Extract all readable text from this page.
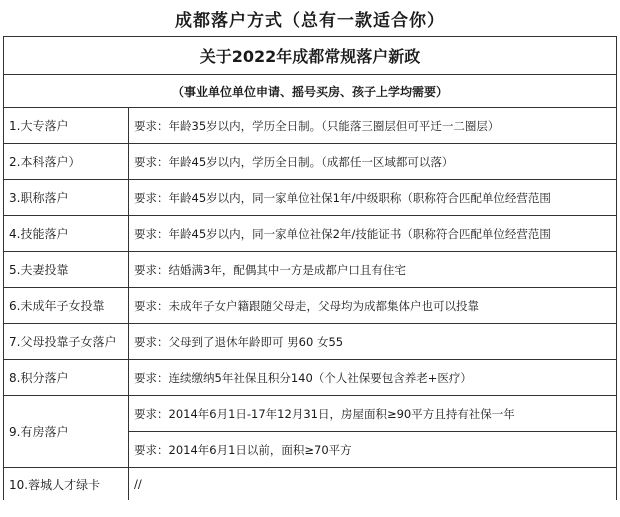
成都落户方式（总有一款适合你）	
关于2022年成都常规落户新政	
（事业单位单位申请、摇号买房、孩子上学均需要）	
1.大专落户	要求：年龄35岁以内，学历全日制。（只能落三圈层但可平迁一二圈层）
2.本科落户）	要求：年龄45岁以内，学历全日制。（成都任一区域都可以落）
3.职称落户	要求：年龄45岁以内，同一家单位社保1年/中级职称（职称符合匹配单位经营范围
4.技能落户	要求：年龄45岁以内，同一家单位社保2年/技能证书（职称符合匹配单位经营范围
5.夫妻投靠	要求：结婚满3年，配偶其中一方是成都户口且有住宅
6.未成年子女投靠	要求：未成年子女户籍跟随父母走，父母均为成都集体户也可以投靠
7.父母投靠子女落户	要求：父母到了退休年龄即可 男60 女55
8.积分落户	要求：连续缴纳5年社保且积分140（个人社保要包含养老+医疗）
9.有房落户	要求：2014年6月1日-17年12月31日，房屋面积≥90平方且持有社保一年
	要求：2014年6月1日以前，面积≥70平方
10.蓉城人才绿卡	//
